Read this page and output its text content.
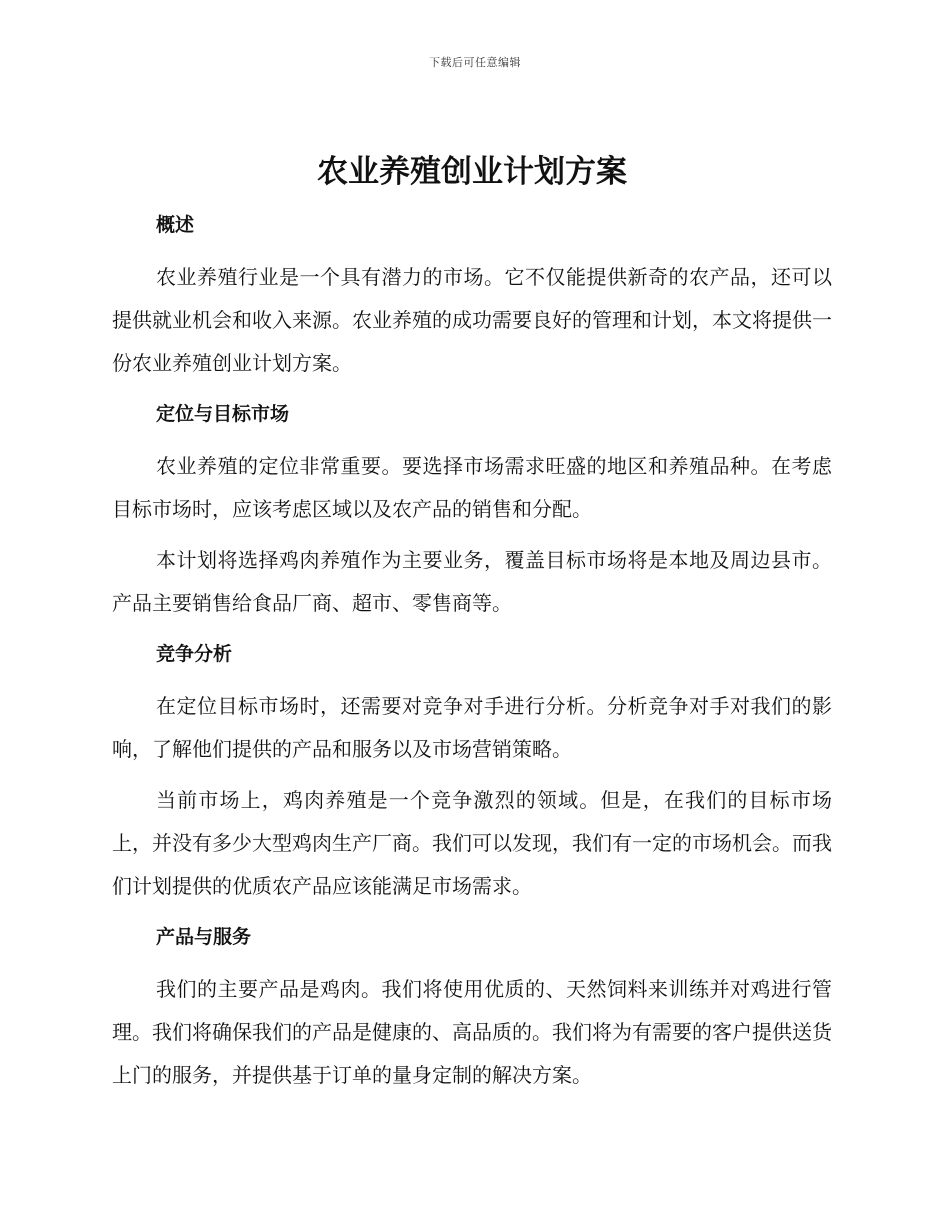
下载后可任意编辑
农业养殖创业计划方案
概述

农业养殖行业是一个具有潜力的市场。它不仅能提供新奇的农产品，还可以提供就业机会和收入来源。农业养殖的成功需要良好的管理和计划，本文将提供一份农业养殖创业计划方案。

定位与目标市场

农业养殖的定位非常重要。要选择市场需求旺盛的地区和养殖品种。在考虑目标市场时，应该考虑区域以及农产品的销售和分配。

本计划将选择鸡肉养殖作为主要业务，覆盖目标市场将是本地及周边县市。产品主要销售给食品厂商、超市、零售商等。

竞争分析

在定位目标市场时，还需要对竞争对手进行分析。分析竞争对手对我们的影响，了解他们提供的产品和服务以及市场营销策略。

当前市场上，鸡肉养殖是一个竞争激烈的领域。但是，在我们的目标市场上，并没有多少大型鸡肉生产厂商。我们可以发现，我们有一定的市场机会。而我们计划提供的优质农产品应该能满足市场需求。

产品与服务

我们的主要产品是鸡肉。我们将使用优质的、天然饲料来训练并对鸡进行管理。我们将确保我们的产品是健康的、高品质的。我们将为有需要的客户提供送货上门的服务，并提供基于订单的量身定制的解决方案。
